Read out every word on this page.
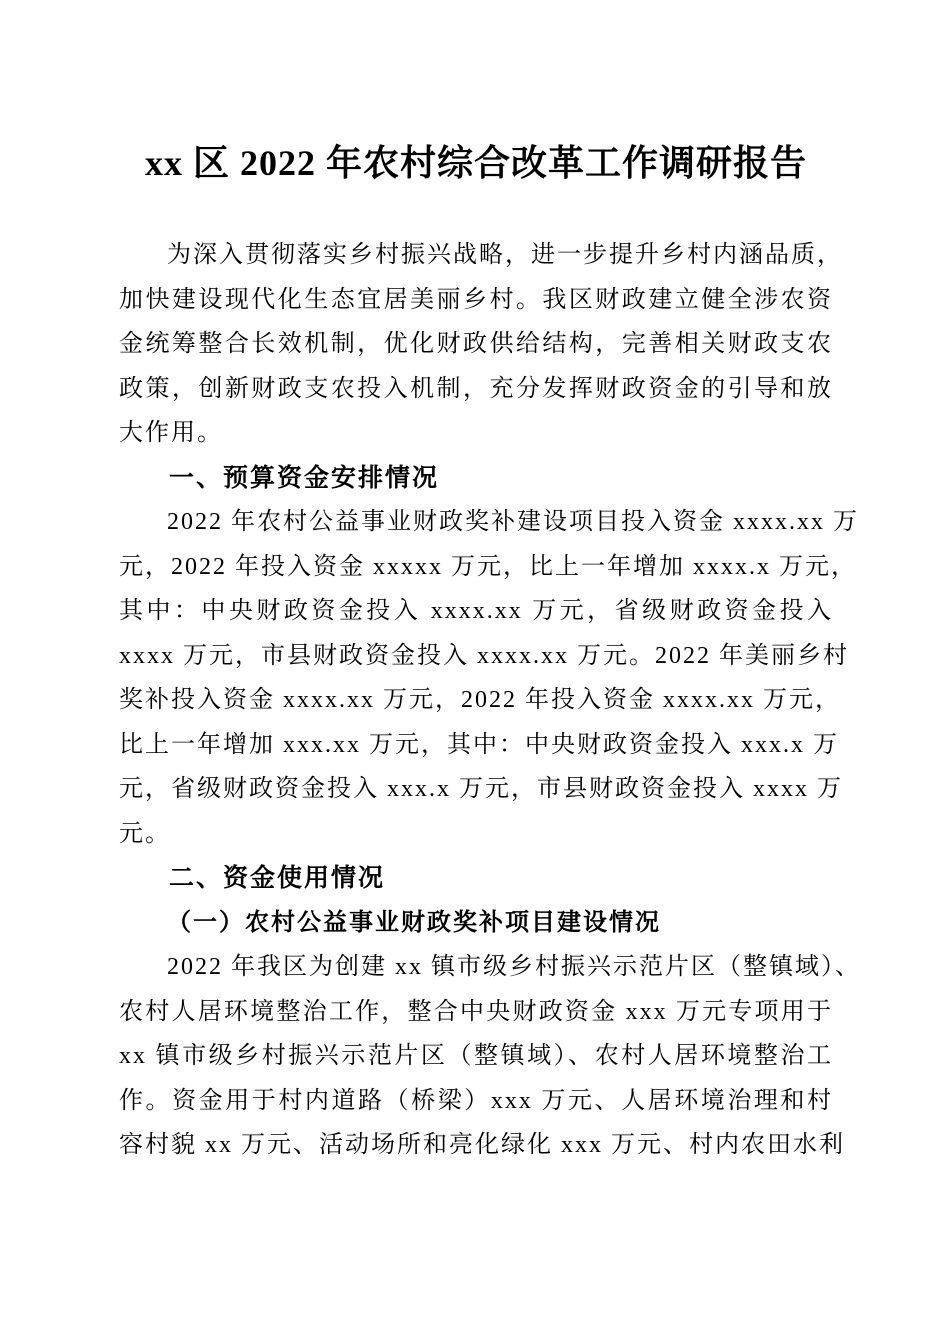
xx 区 2022 年农村综合改革工作调研报告
为深入贯彻落实乡村振兴战略，进一步提升乡村内涵品质，
加快建设现代化生态宜居美丽乡村。我区财政建立健全涉农资
金统筹整合长效机制，优化财政供给结构，完善相关财政支农
政策，创新财政支农投入机制，充分发挥财政资金的引导和放
大作用。
一、预算资金安排情况
2022 年农村公益事业财政奖补建设项目投入资金 xxxx.xx 万
元，2022 年投入资金 xxxxx 万元，比上一年增加 xxxx.x 万元，
其中：中央财政资金投入 xxxx.xx 万元，省级财政资金投入
xxxx 万元，市县财政资金投入 xxxx.xx 万元。2022 年美丽乡村
奖补投入资金 xxxx.xx 万元，2022 年投入资金 xxxx.xx 万元，
比上一年增加 xxx.xx 万元，其中：中央财政资金投入 xxx.x 万
元，省级财政资金投入 xxx.x 万元，市县财政资金投入 xxxx 万
元。
二、资金使用情况
（一）农村公益事业财政奖补项目建设情况
2022 年我区为创建 xx 镇市级乡村振兴示范片区（整镇域）、
农村人居环境整治工作，整合中央财政资金 xxx 万元专项用于
xx 镇市级乡村振兴示范片区（整镇域）、农村人居环境整治工
作。资金用于村内道路（桥梁）xxx 万元、人居环境治理和村
容村貌 xx 万元、活动场所和亮化绿化 xxx 万元、村内农田水利
